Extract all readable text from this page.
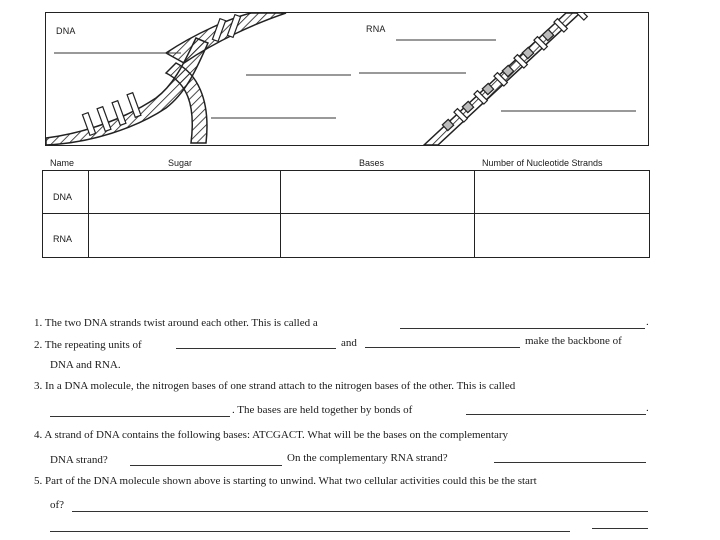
DNA	RNA
Name	Sugar	Bases	Number of Nucleotide Strands
DNA
RNA
1. The two DNA strands twist around each other. This is called a	.
2. The repeating units of	and	make the backbone of
DNA and RNA.
3. In a DNA molecule, the nitrogen bases of one strand attach to the nitrogen bases of the other. This is called
. The bases are held together by bonds of	.
4. A strand of DNA contains the following bases: ATCGACT. What will be the bases on the complementary
DNA strand?	On the complementary RNA strand?
5. Part of the DNA molecule shown above is starting to unwind. What two cellular activities could this be the start
of?
